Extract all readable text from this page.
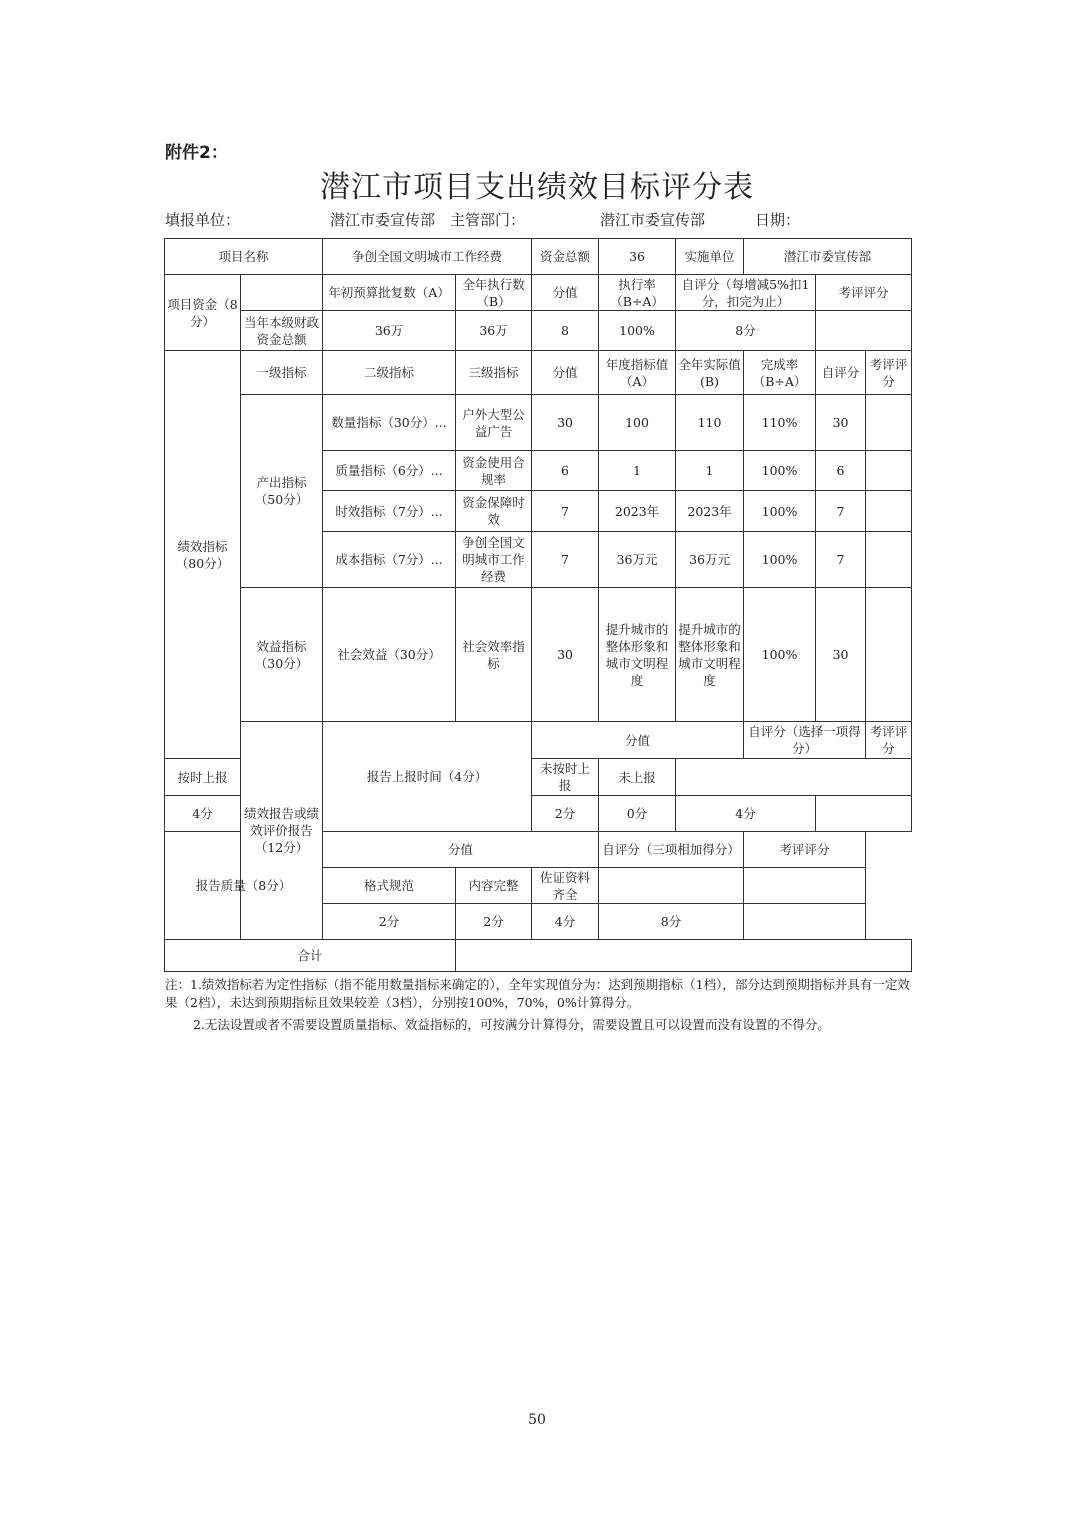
附件2：
潜江市项目支出绩效目标评分表
填报单位：	潜江市委宣传部 主管部门：	潜江市委宣传部	日期：
项目名称		争创全国文明城市工作经费		资金总额	36	实施单位	潜江市委宣传部			
项目资金（8分）		年初预算批复数（A）	全年执行数（B）	分值	执行率（B÷A）	自评分（每增减5%扣1分，扣完为止）		考评评分		
	当年本级财政资金总额	36万	36万	8	100%	8分				
绩效指标（80分）	一级指标	二级指标	三级指标	分值	年度指标值（A）	全年实际值(B)	完成率（B÷A）	自评分	考评评分	
	产出指标（50分）	数量指标（30分）...	户外大型公益广告	30	100	110	110%	30		
		质量指标（6分）...	资金使用合规率	6	1	1	100%	6		
		时效指标（7分）...	资金保障时效	7	2023年	2023年	100%	7		
		成本指标（7分）...	争创全国文明城市工作经费	7	36万元	36万元	100%	7		
	效益指标（30分）	社会效益（30分）	社会效率指标	30	提升城市的整体形象和城市文明程度	提升城市的整体形象和城市文明程度	100%	30		
	绩效报告或绩效评价报告（12分）	报告上报时间（4分）		分值			自评分（选择一项得分）		考评评分	
按时上报				未按时上报	未上报					
4分				2分	0分	4分				
报告质量（8分）		分值			自评分（三项相加得分）		考评评分			
		格式规范	内容完整	佐证资料齐全						
		2分	2分	4分	8分					
合计										

注：1.绩效指标若为定性指标（指不能用数量指标来确定的），全年实现值分为：达到预期指标（1档），部分达到预期指标并具有一定效果（2档），未达到预期指标且效果较差（3档），分别按100%，70%，0%计算得分。

2.无法设置或者不需要设置质量指标、效益指标的，可按满分计算得分，需要设置且可以设置而没有设置的不得分。

50
